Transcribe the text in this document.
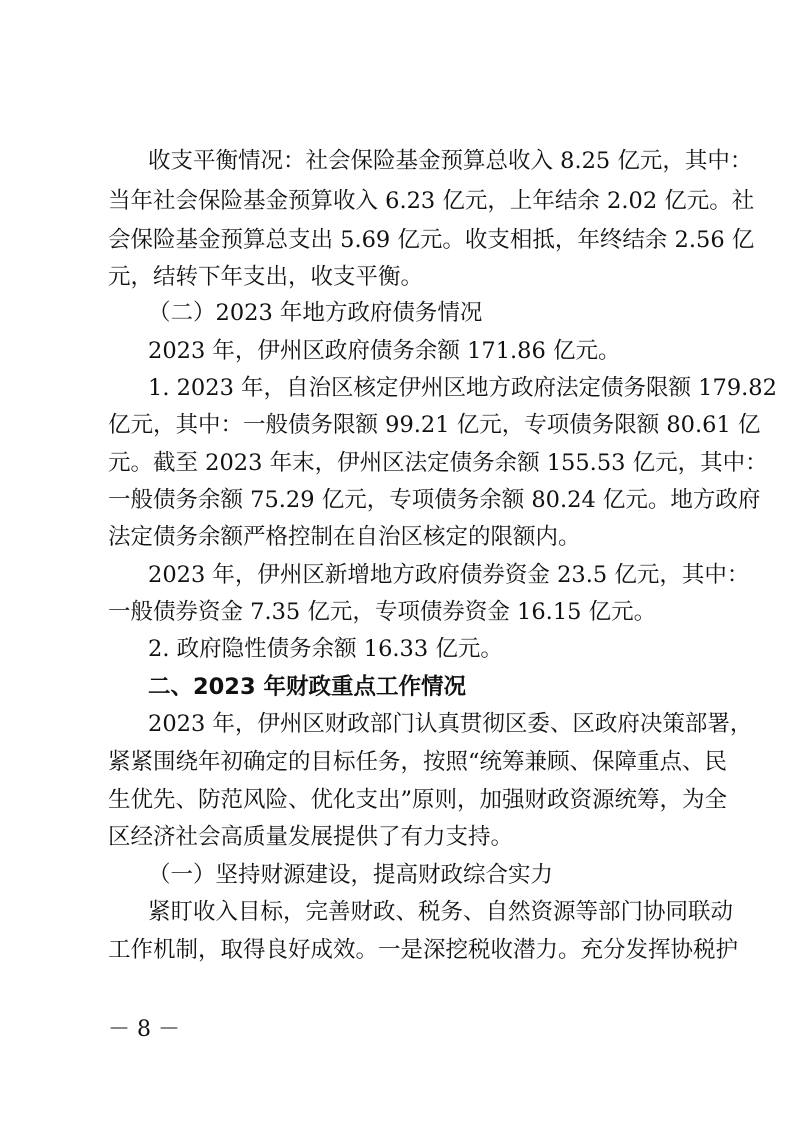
收支平衡情况：社会保险基金预算总收入 8.25 亿元，其中：
当年社会保险基金预算收入 6.23 亿元，上年结余 2.02 亿元。社
会保险基金预算总支出 5.69 亿元。收支相抵，年终结余 2.56 亿
元，结转下年支出，收支平衡。
（二）2023 年地方政府债务情况
2023 年，伊州区政府债务余额 171.86 亿元。
1. 2023 年，自治区核定伊州区地方政府法定债务限额 179.82
亿元，其中：一般债务限额 99.21 亿元，专项债务限额 80.61 亿
元。截至 2023 年末，伊州区法定债务余额 155.53 亿元，其中：
一般债务余额 75.29 亿元，专项债务余额 80.24 亿元。地方政府
法定债务余额严格控制在自治区核定的限额内。
2023 年，伊州区新增地方政府债券资金 23.5 亿元，其中：
一般债券资金 7.35 亿元，专项债券资金 16.15 亿元。
2. 政府隐性债务余额 16.33 亿元。
二、2023 年财政重点工作情况
2023 年，伊州区财政部门认真贯彻区委、区政府决策部署，
紧紧围绕年初确定的目标任务，按照“统筹兼顾、保障重点、民
生优先、防范风险、优化支出”原则，加强财政资源统筹，为全
区经济社会高质量发展提供了有力支持。
（一）坚持财源建设，提高财政综合实力
紧盯收入目标，完善财政、税务、自然资源等部门协同联动
工作机制，取得良好成效。一是深挖税收潜力。充分发挥协税护
－ 8 －
